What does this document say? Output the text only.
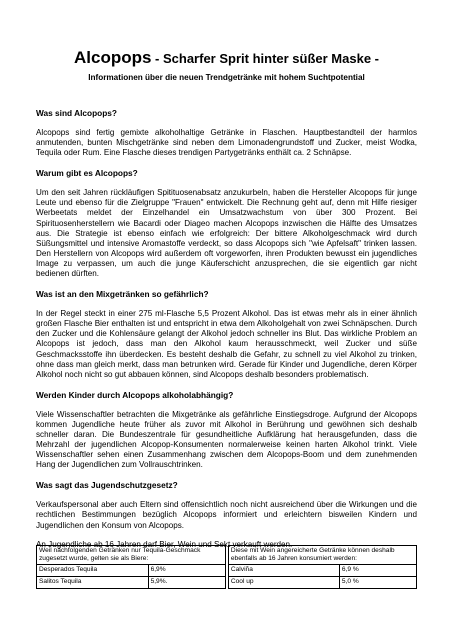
Alcopops - Scharfer Sprit hinter süßer Maske -
Informationen über die neuen Trendgetränke mit hohem Suchtpotential
Was sind Alcopops?

Alcopops sind fertig gemixte alkoholhaltige Getränke in Flaschen. Hauptbestandteil der harmlos anmutenden, bunten Mischgetränke sind neben dem Limonadengrundstoff und Zucker, meist Wodka, Tequila oder Rum. Eine Flasche dieses trendigen Partygetränks enthält ca. 2 Schnäpse.

Warum gibt es Alcopops?

Um den seit Jahren rückläufigen Spitituosenabsatz anzukurbeln, haben die Hersteller Alcopops für junge Leute und ebenso für die Zielgruppe "Frauen" entwickelt. Die Rechnung geht auf, denn mit Hilfe riesiger Werbeetats meldet der Einzelhandel ein Umsatzwachstum von über 300 Prozent. Bei Spirituosenherstellern wie Bacardi oder Diageo machen Alcopops inzwischen die Hälfte des Umsatzes aus. Die Strategie ist ebenso einfach wie erfolgreich: Der bittere Alkoholgeschmack wird durch Süßungsmittel und intensive Aromastoffe verdeckt, so dass Alcopops sich "wie Apfelsaft" trinken lassen. Den Herstellern von Alcopops wird außerdem oft vorgeworfen, ihren Produkten bewusst ein jugendliches Image zu verpassen, um auch die junge Käuferschicht anzusprechen, die sie eigentlich gar nicht bedienen dürften.

Was ist an den Mixgetränken so gefährlich?

In der Regel steckt in einer 275 ml-Flasche 5,5 Prozent Alkohol. Das ist etwas mehr als in einer ähnlich großen Flasche Bier enthalten ist und entspricht in etwa dem Alkoholgehalt von zwei Schnäpschen. Durch den Zucker und die Kohlensäure gelangt der Alkohol jedoch schneller ins Blut. Das wirkliche Problem an Alcopops ist jedoch, dass man den Alkohol kaum herausschmeckt, weil Zucker und süße Geschmacksstoffe ihn überdecken. Es besteht deshalb die Gefahr, zu schnell zu viel Alkohol zu trinken, ohne dass man gleich merkt, dass man betrunken wird. Gerade für Kinder und Jugendliche, deren Körper Alkohol noch nicht so gut abbauen können, sind Alcopops deshalb besonders problematisch.

Werden Kinder durch Alcopops alkoholabhängig?

Viele Wissenschaftler betrachten die Mixgetränke als gefährliche Einstiegsdroge. Aufgrund der Alcopops kommen Jugendliche heute früher als zuvor mit Alkohol in Berührung und gewöhnen sich deshalb schneller daran. Die Bundeszentrale für gesundheitliche Aufklärung hat herausgefunden, dass die Mehrzahl der jugendlichen Alcopop-Konsumenten normalerweise keinen harten Alkohol trinkt. Viele Wissenschaftler sehen einen Zusammenhang zwischen dem Alcopops-Boom und dem zunehmenden Hang der Jugendlichen zum Vollrauschtrinken.

Was sagt das Jugendschutzgesetz?

Verkaufspersonal aber auch Eltern sind offensichtlich noch nicht ausreichend über die Wirkungen und die rechtlichen Bestimmungen bezüglich Alcopops informiert und erleichtern bisweilen Kindern und Jugendlichen den Konsum von Alcopops.

An Jugendliche ab 16 Jahren darf Bier, Wein und Sekt verkauft werden.

Weil nachfolgenden Getränken nur Tequila-Geschmack zugesetzt wurde, gelten sie als Biere:			Diese mit Wein angereicherte Getränke können deshalb ebenfalls ab 16 Jahren konsumiert werden:	
Desperados Tequila	6,9%		Calviña	6,9 %
Salitos Tequila	5,9%.		Cool up	5,0 %
